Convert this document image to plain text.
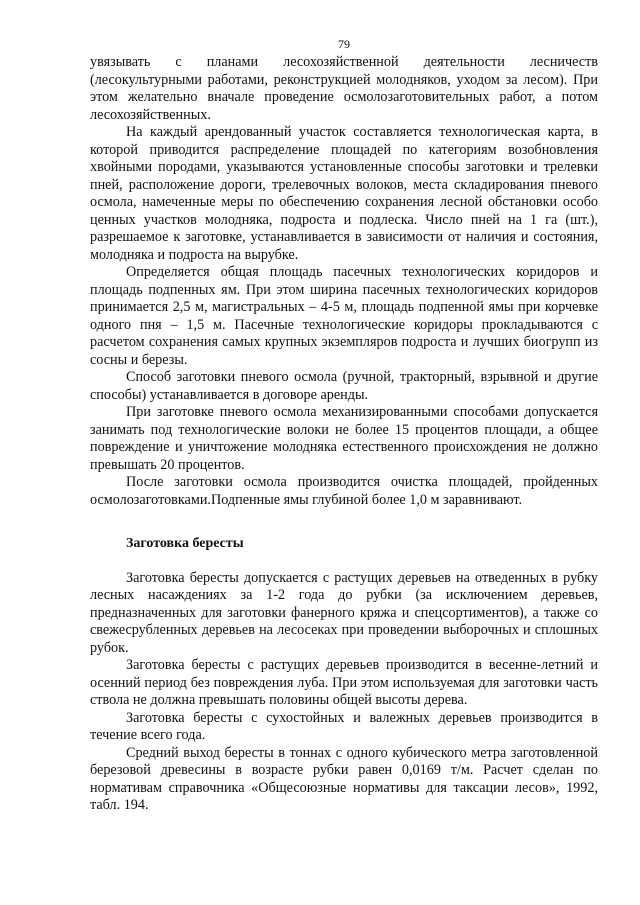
79

увязывать с планами лесохозяйственной деятельности лесничеств (лесокультурными работами, реконструкцией молодняков, уходом за лесом). При этом желательно вначале проведение осмолозаготовительных работ, а потом лесохозяйственных.

На каждый арендованный участок составляется технологическая карта, в которой приводится распределение площадей по категориям возобновления хвойными породами, указываются установленные способы заготовки и трелевки пней, расположение дороги, трелевочных волоков, места складирования пневого осмола, намеченные меры по обеспечению сохранения лесной обстановки особо ценных участков молодняка, подроста и подлеска. Число пней на 1 га (шт.), разрешаемое к заготовке, устанавливается в зависимости от наличия и состояния, молодняка и подроста на вырубке.

Определяется общая площадь пасечных технологических коридоров и площадь подпенных ям. При этом ширина пасечных технологических коридоров принимается 2,5 м, магистральных – 4-5 м, площадь подпенной ямы при корчевке одного пня – 1,5 м. Пасечные технологические коридоры прокладываются с расчетом сохранения самых крупных экземпляров подроста и лучших биогрупп из сосны и березы.

Способ заготовки пневого осмола (ручной, тракторный, взрывной и другие способы) устанавливается в договоре аренды.

При заготовке пневого осмола механизированными способами допускается занимать под технологические волоки не более 15 процентов площади, а общее повреждение и уничтожение молодняка естественного происхождения не должно превышать 20 процентов.

После заготовки осмола производится очистка площадей, пройденных осмолозаготовками.Подпенные ямы глубиной более 1,0 м заравнивают.

Заготовка бересты

Заготовка бересты допускается с растущих деревьев на отведенных в рубку лесных насаждениях за 1-2 года до рубки (за исключением деревьев, предназначенных для заготовки фанерного кряжа и спецсортиментов), а также со свежесрубленных деревьев на лесосеках при проведении выборочных и сплошных рубок.

Заготовка бересты с растущих деревьев производится в весенне-летний и осенний период без повреждения луба. При этом используемая для заготовки часть ствола не должна превышать половины общей высоты дерева.

Заготовка бересты с сухостойных и валежных деревьев производится в течение всего года.

Средний выход бересты в тоннах с одного кубического метра заготовленной березовой древесины в возрасте рубки равен 0,0169 т/м. Расчет сделан по нормативам справочника «Общесоюзные нормативы для таксации лесов», 1992, табл. 194.
